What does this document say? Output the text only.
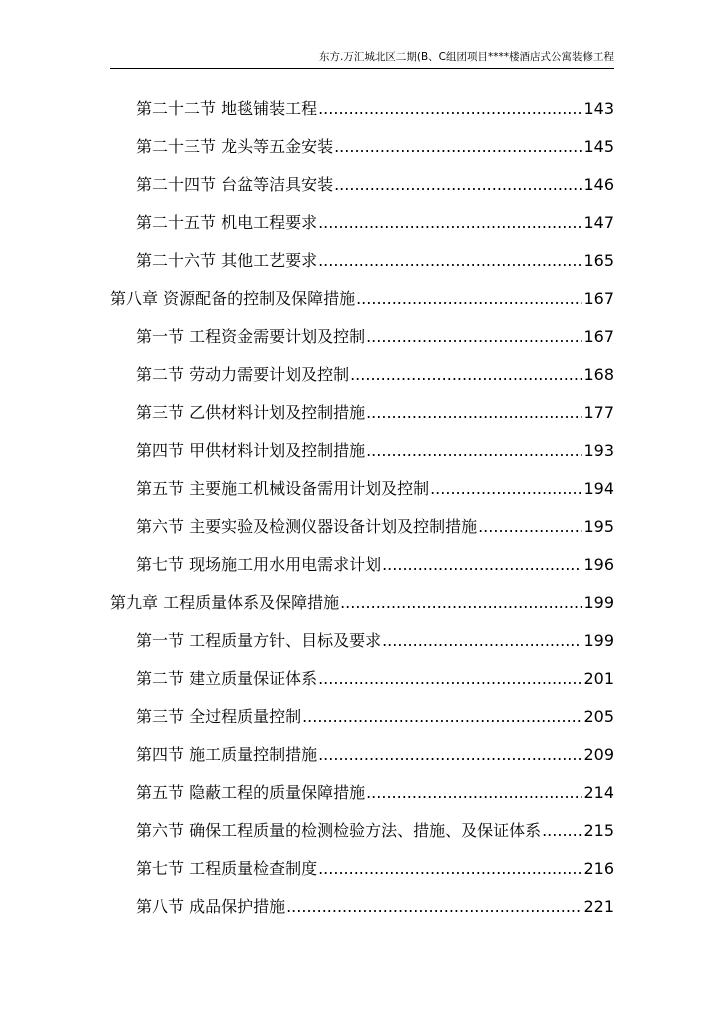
东方.万汇城北区二期(B、C组团项目****楼酒店式公寓装修工程
第二十二节 地毯铺装工程 .....	143
第二十三节 龙头等五金安装 .....	145
第二十四节 台盆等洁具安装 .....	146
第二十五节 机电工程要求 .....	147
第二十六节 其他工艺要求 .....	165
第八章 资源配备的控制及保障措施 .....	167
第一节 工程资金需要计划及控制 .....	167
第二节 劳动力需要计划及控制 .....	168
第三节 乙供材料计划及控制措施 .....	177
第四节 甲供材料计划及控制措施 .....	193
第五节 主要施工机械设备需用计划及控制 .....	194
第六节 主要实验及检测仪器设备计划及控制措施 .....	195
第七节 现场施工用水用电需求计划 .....	196
第九章 工程质量体系及保障措施 .....	199
第一节 工程质量方针、目标及要求 .....	199
第二节 建立质量保证体系 .....	201
第三节 全过程质量控制 .....	205
第四节 施工质量控制措施 .....	209
第五节 隐蔽工程的质量保障措施 .....	214
第六节 确保工程质量的检测检验方法、措施、及保证体系 .....	215
第七节 工程质量检查制度 .....	216
第八节 成品保护措施 .....	221
